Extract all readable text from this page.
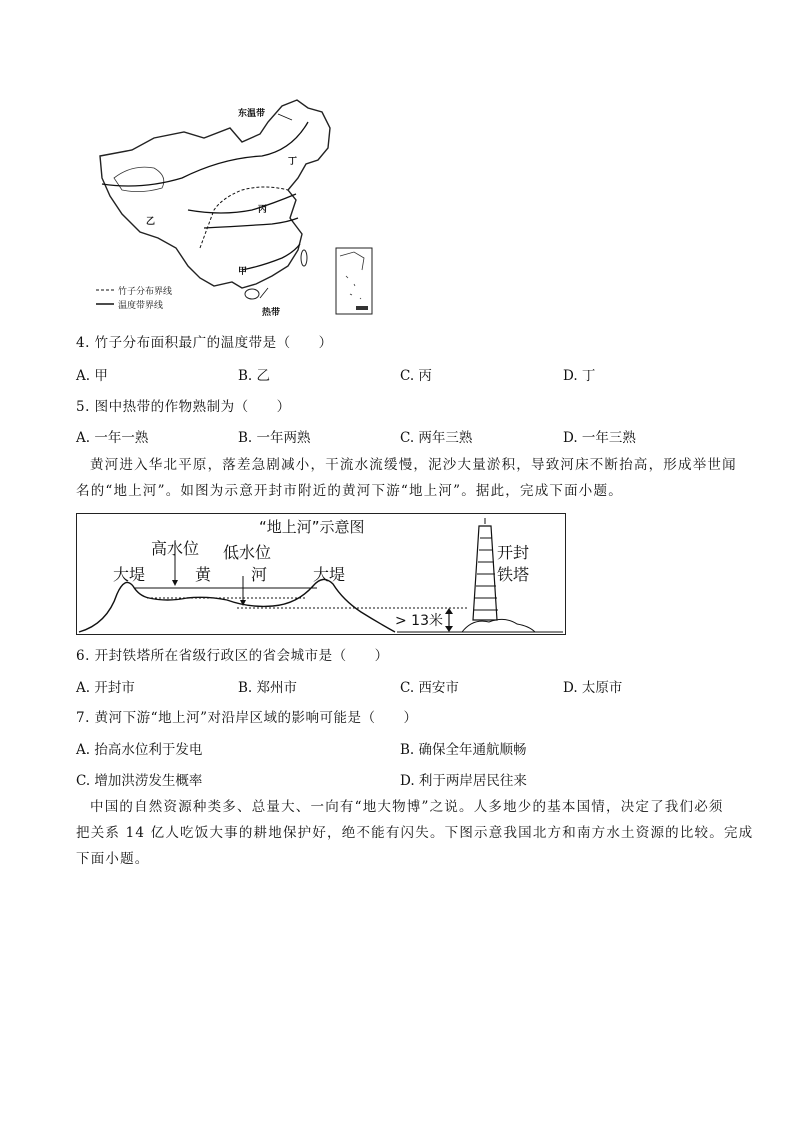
东温带
丁
乙
丙
甲
热带
竹子分布界线
温度带界线
4. 竹子分布面积最广的温度带是（　　）
A. 甲	B. 乙	C. 丙	D. 丁
5. 图中热带的作物熟制为（　　）
A. 一年一熟	B. 一年两熟	C. 两年三熟	D. 一年三熟
黄河进入华北平原，落差急剧减小，干流水流缓慢，泥沙大量淤积，导致河床不断抬高，形成举世闻
名的“地上河”。如图为示意开封市附近的黄河下游“地上河”。据此，完成下面小题。
“地上河”示意图
高水位 低水位
大堤	黄 河	大堤
开封
铁塔
> 13米
6. 开封铁塔所在省级行政区的省会城市是（　　）
A. 开封市	B. 郑州市	C. 西安市	D. 太原市
7. 黄河下游“地上河”对沿岸区域的影响可能是（　　）
A. 抬高水位利于发电	B. 确保全年通航顺畅
C. 增加洪涝发生概率	D. 利于两岸居民往来
中国的自然资源种类多、总量大、一向有“地大物博”之说。人多地少的基本国情，决定了我们必须
把关系 14 亿人吃饭大事的耕地保护好，绝不能有闪失。下图示意我国北方和南方水土资源的比较。完成
下面小题。
